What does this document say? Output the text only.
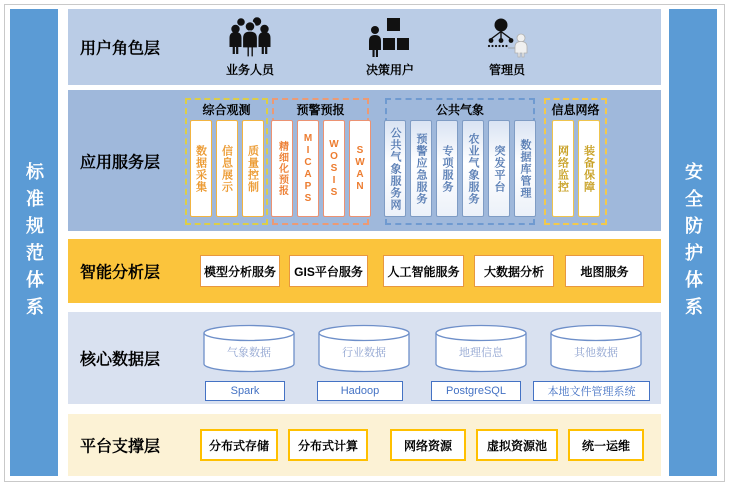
标准规范体系	安全防护体系
用户角色层
业务人员	决策用户	管理员
应用服务层
综合观测
数据采集	信息展示	质量控制
预警预报
精细化预报	MICAPS	WOSIS	SWAN
公共气象
公共气象服务网	预警应急服务	专项服务	农业气象服务	突发平台	数据库管理
信息网络
网络监控	装备保障
智能分析层	模型分析服务	GIS平台服务	人工智能服务	大数据分析	地图服务
核心数据层	气象数据	行业数据	地理信息	其他数据
Spark	Hadoop	PostgreSQL	本地文件管理系统
平台支撑层	分布式存储	分布式计算	网络资源	虚拟资源池	统一运维
